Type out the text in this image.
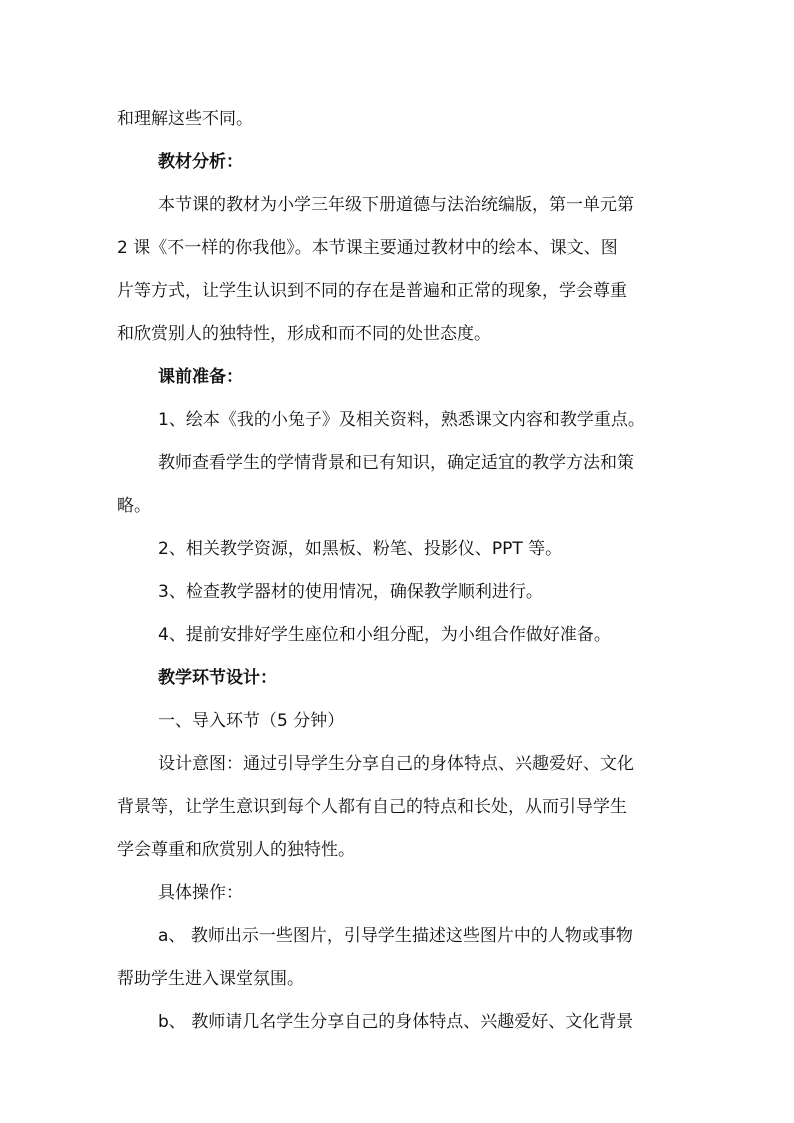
和理解这些不同。
教材分析：
本节课的教材为小学三年级下册道德与法治统编版，第一单元第
2 课《不一样的你我他》。本节课主要通过教材中的绘本、课文、图
片等方式，让学生认识到不同的存在是普遍和正常的现象，学会尊重
和欣赏别人的独特性，形成和而不同的处世态度。
课前准备：
1、绘本《我的小兔子》及相关资料，熟悉课文内容和教学重点。
教师查看学生的学情背景和已有知识，确定适宜的教学方法和策
略。
2、相关教学资源，如黑板、粉笔、投影仪、PPT 等。
3、检查教学器材的使用情况，确保教学顺利进行。
4、提前安排好学生座位和小组分配，为小组合作做好准备。
教学环节设计：
一、导入环节（5 分钟）
设计意图：通过引导学生分享自己的身体特点、兴趣爱好、文化
背景等，让学生意识到每个人都有自己的特点和长处，从而引导学生
学会尊重和欣赏别人的独特性。
具体操作：
a、 教师出示一些图片，引导学生描述这些图片中的人物或事物
帮助学生进入课堂氛围。
b、 教师请几名学生分享自己的身体特点、兴趣爱好、文化背景
